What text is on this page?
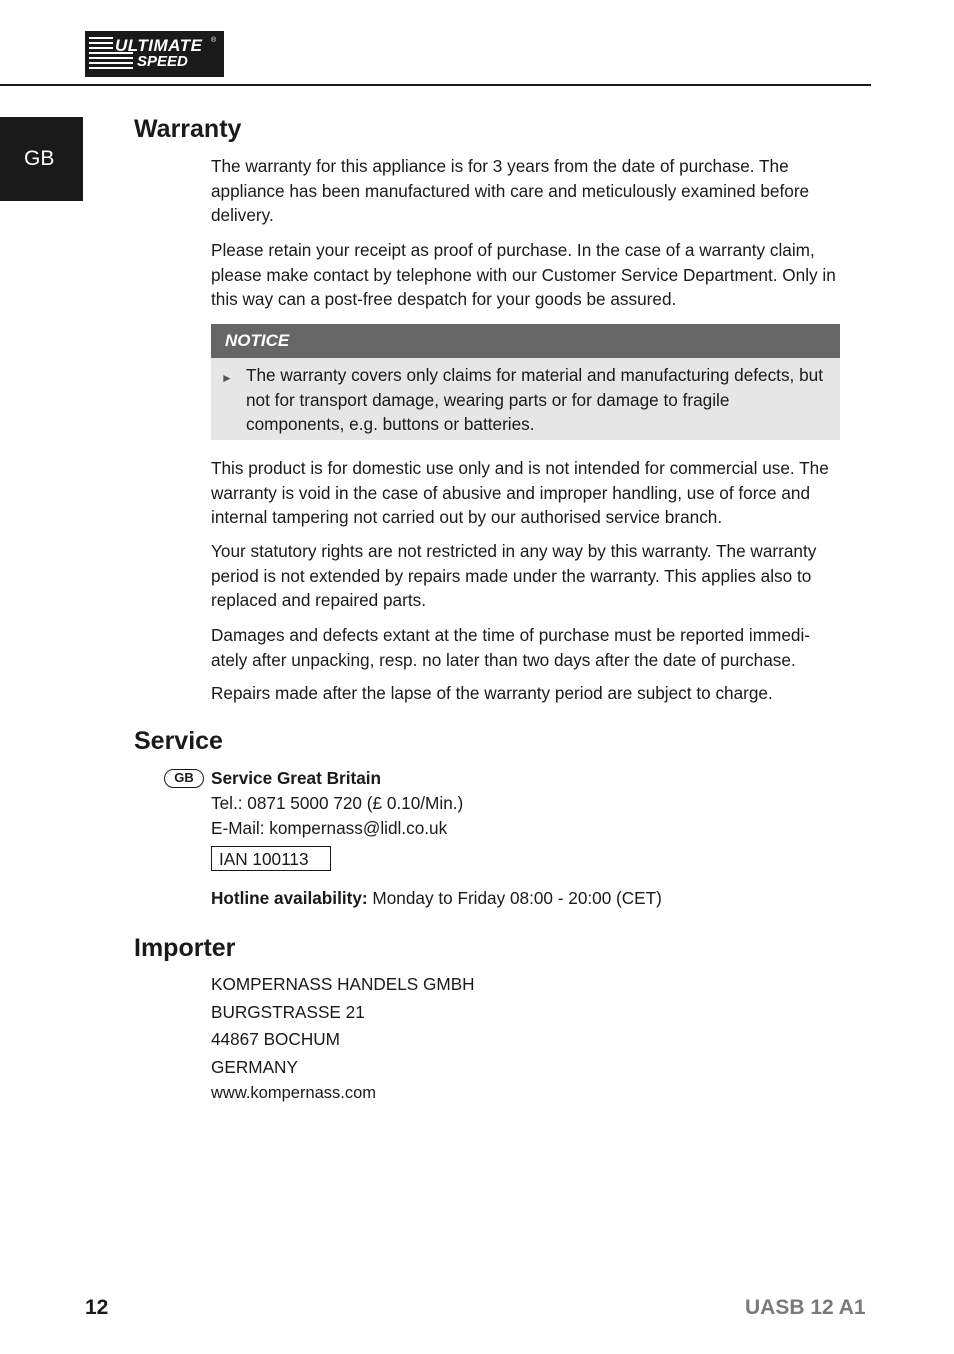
ULTIMATE
SPEED
®
GB
Warranty

The warranty for this appliance is for 3 years from the date of purchase. The appliance has been manufactured with care and meticulously examined before delivery.

Please retain your receipt as proof of purchase. In the case of a warranty claim, please make contact by telephone with our Customer Service Department. Only in this way can a post-free despatch for your goods be assured.

NOTICE
► The warranty covers only claims for material and manufacturing defects, but not for transport damage, wearing parts or for damage to fragile components, e.g. buttons or batteries.

This product is for domestic use only and is not intended for commercial use. The warranty is void in the case of abusive and improper handling, use of force and internal tampering not carried out by our authorised service branch.

Your statutory rights are not restricted in any way by this warranty. The warranty period is not extended by repairs made under the warranty. This applies also to replaced and repaired parts.

Damages and defects extant at the time of purchase must be reported immedi-ately after unpacking, resp. no later than two days after the date of purchase.

Repairs made after the lapse of the warranty period are subject to charge.

Service
GB	Service Great Britain
Tel.: 0871 5000 720 (£ 0.10/Min.)
E-Mail: kompernass@lidl.co.uk
IAN 100113
Hotline availability: Monday to Friday 08:00 - 20:00 (CET)
Importer
KOMPERNASS HANDELS GMBH
BURGSTRASSE 21
44867 BOCHUM
GERMANY
www.kompernass.com
12	UASB 12 A1
